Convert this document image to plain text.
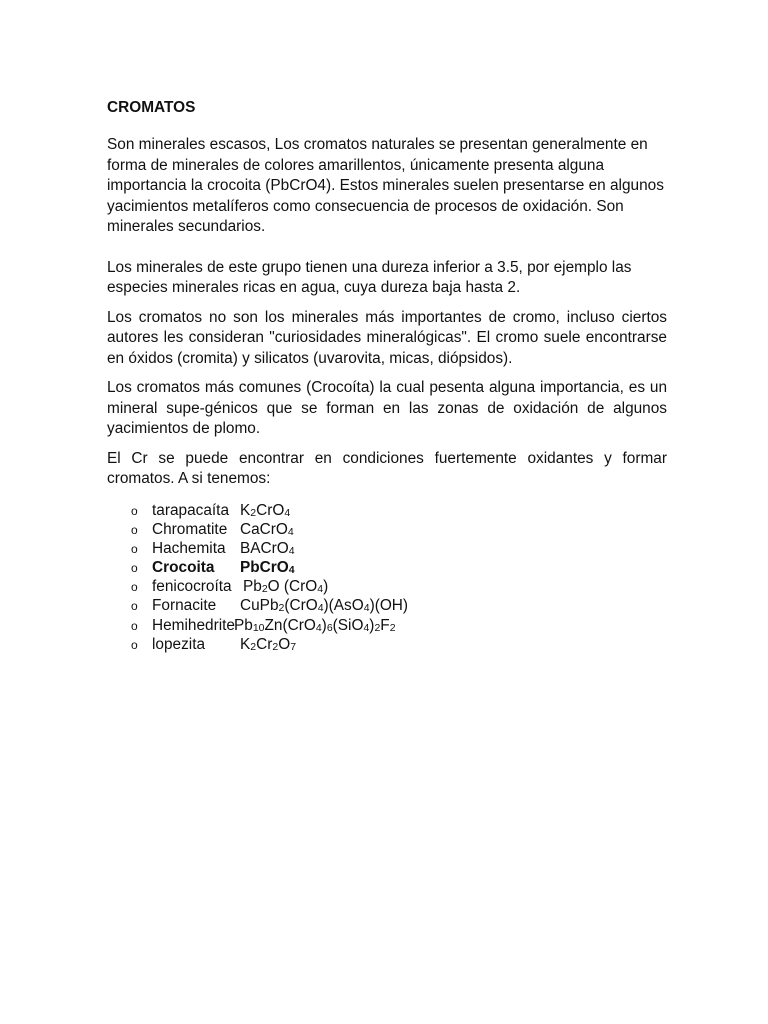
CROMATOS

Son minerales escasos, Los cromatos naturales se presentan generalmente en forma de minerales de colores amarillentos, únicamente presenta alguna importancia la crocoita (PbCrO4). Estos minerales suelen presentarse en algunos yacimientos metalíferos como consecuencia de procesos de oxidación. Son minerales secundarios.

Los minerales de este grupo tienen una dureza inferior a 3.5, por ejemplo las especies minerales ricas en agua, cuya dureza baja hasta 2.

Los cromatos no son los minerales más importantes de cromo, incluso ciertos autores les consideran "curiosidades mineralógicas". El cromo suele encontrarse en óxidos (cromita) y silicatos (uvarovita, micas, diópsidos).

Los cromatos más comunes (Crocoíta) la cual pesenta alguna importancia, es un mineral supe-génicos que se forman en las zonas de oxidación de algunos yacimientos de plomo.

El Cr se puede encontrar en condiciones fuertemente oxidantes y formar cromatos. A si tenemos:

o tarapacaíta $K_2CrO_4$
o Chromatite CaCrO$_4$
o Hachemita BACrO$_4$
o Crocoita PbCrO$_4$
o fenicocroíta $Pb_2O$ (CrO$_4$)
o Fornacite CuPb$_2$(CrO$_4$)(AsO$_4$)(OH)
o Hemihedrite $Pb_{10}Zn(CrO_4)_6(SiO_4)_2F_2$
o lopezita $K_2Cr_2O_7$
